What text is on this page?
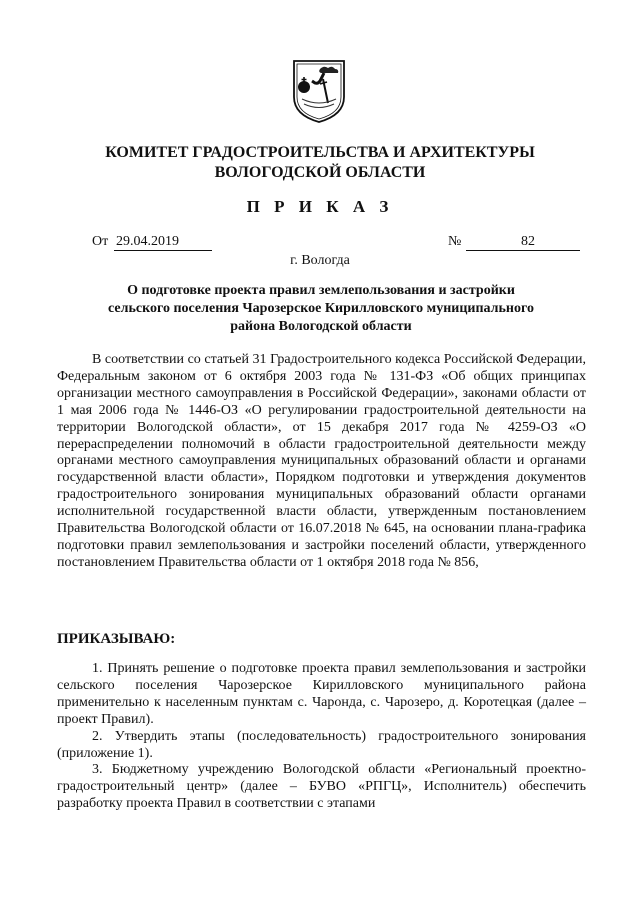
КОМИТЕТ ГРАДОСТРОИТЕЛЬСТВА И АРХИТЕКТУРЫ
ВОЛОГОДСКОЙ ОБЛАСТИ
П Р И К А З
От 29.04.2019	№	82
г. Вологда
О подготовке проекта правил землепользования и застройки
сельского поселения Чарозерское Кирилловского муниципального
района Вологодской области

В соответствии со статьей 31 Градостроительного кодекса Российской Федерации, Федеральным законом от 6 октября 2003 года № 131-ФЗ «Об общих принципах организации местного самоуправления в Российской Федерации», законами области от 1 мая 2006 года № 1446-ОЗ «О регулировании градостроительной деятельности на территории Вологодской области», от 15 декабря 2017 года № 4259-ОЗ «О перераспределении полномочий в области градостроительной деятельности между органами местного самоуправления муниципальных образований области и органами государственной власти области», Порядком подготовки и утверждения документов градостроительного зонирования муниципальных образований области органами исполнительной государственной власти области, утвержденным постановлением Правительства Вологодской области от 16.07.2018 № 645, на основании плана-графика подготовки правил землепользования и застройки поселений области, утвержденного постановлением Правительства области от 1 октября 2018 года № 856,

ПРИКАЗЫВАЮ:

1. Принять решение о подготовке проекта правил землепользования и застройки сельского поселения Чарозерское Кирилловского муниципального района применительно к населенным пунктам с. Чаронда, с. Чарозеро, д. Коротецкая (далее – проект Правил).

2. Утвердить этапы (последовательность) градостроительного зонирования (приложение 1).

3. Бюджетному учреждению Вологодской области «Региональный проектно-градостроительный центр» (далее – БУВО «РПГЦ», Исполнитель) обеспечить разработку проекта Правил в соответствии с этапами
